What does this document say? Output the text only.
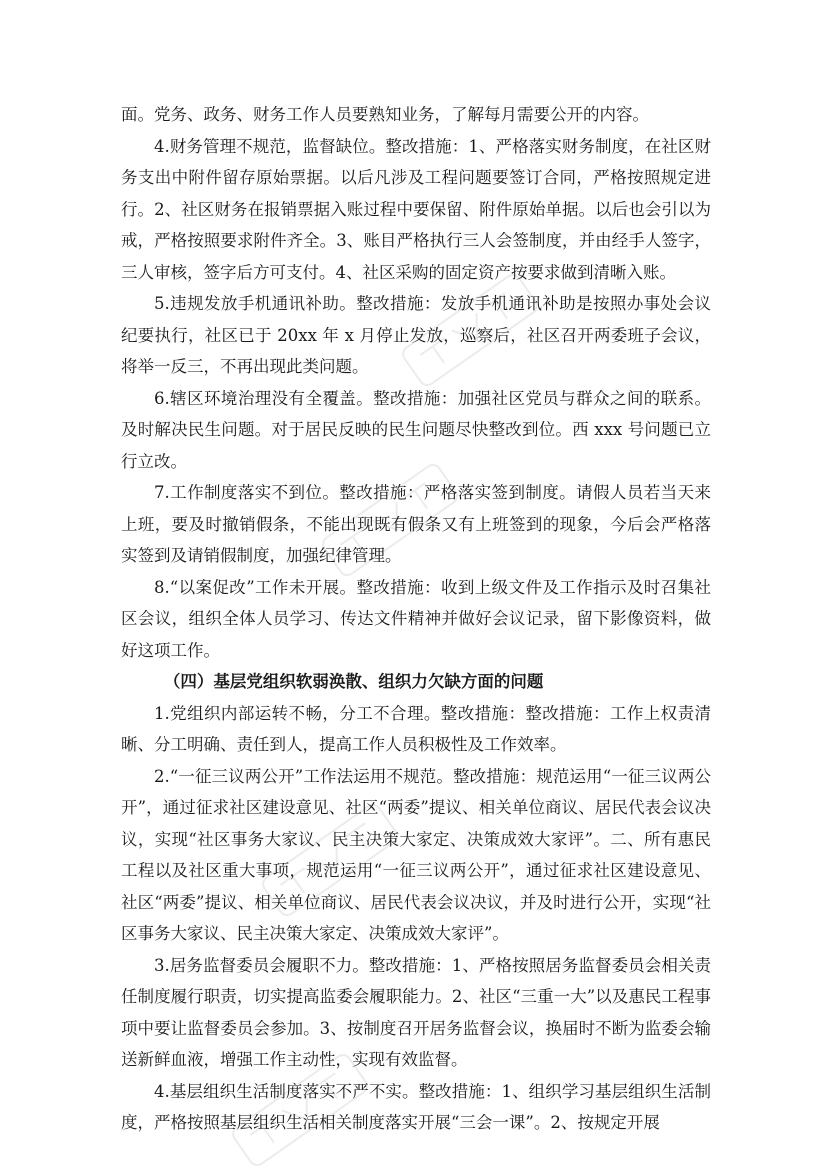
面。党务、政务、财务工作人员要熟知业务，了解每月需要公开的内容。

4.财务管理不规范，监督缺位。整改措施：1、严格落实财务制度，在社区财务支出中附件留存原始票据。以后凡涉及工程问题要签订合同，严格按照规定进行。2、社区财务在报销票据入账过程中要保留、附件原始单据。以后也会引以为戒，严格按照要求附件齐全。3、账目严格执行三人会签制度，并由经手人签字，三人审核，签字后方可支付。4、社区采购的固定资产按要求做到清晰入账。

5.违规发放手机通讯补助。整改措施：发放手机通讯补助是按照办事处会议纪要执行，社区已于 20xx 年 x 月停止发放，巡察后，社区召开两委班子会议，将举一反三，不再出现此类问题。

6.辖区环境治理没有全覆盖。整改措施：加强社区党员与群众之间的联系。及时解决民生问题。对于居民反映的民生问题尽快整改到位。西 xxx 号问题已立行立改。

7.工作制度落实不到位。整改措施：严格落实签到制度。请假人员若当天来上班，要及时撤销假条，不能出现既有假条又有上班签到的现象，今后会严格落实签到及请销假制度，加强纪律管理。

8.“以案促改”工作未开展。整改措施：收到上级文件及工作指示及时召集社区会议，组织全体人员学习、传达文件精神并做好会议记录，留下影像资料，做好这项工作。

（四）基层党组织软弱涣散、组织力欠缺方面的问题

1.党组织内部运转不畅，分工不合理。整改措施：整改措施：工作上权责清晰、分工明确、责任到人，提高工作人员积极性及工作效率。

2.“一征三议两公开”工作法运用不规范。整改措施：规范运用“一征三议两公开”，通过征求社区建设意见、社区“两委”提议、相关单位商议、居民代表会议决议，实现“社区事务大家议、民主决策大家定、决策成效大家评”。二、所有惠民工程以及社区重大事项，规范运用“一征三议两公开”，通过征求社区建设意见、社区“两委”提议、相关单位商议、居民代表会议决议，并及时进行公开，实现“社区事务大家议、民主决策大家定、决策成效大家评”。

3.居务监督委员会履职不力。整改措施：1、严格按照居务监督委员会相关责任制度履行职责，切实提高监委会履职能力。2、社区“三重一大”以及惠民工程事项中要让监督委员会参加。3、按制度召开居务监督会议，换届时不断为监委会输送新鲜血液，增强工作主动性，实现有效监督。

4.基层组织生活制度落实不严不实。整改措施：1、组织学习基层组织生活制度，严格按照基层组织生活相关制度落实开展“三会一课”。2、按规定开展
